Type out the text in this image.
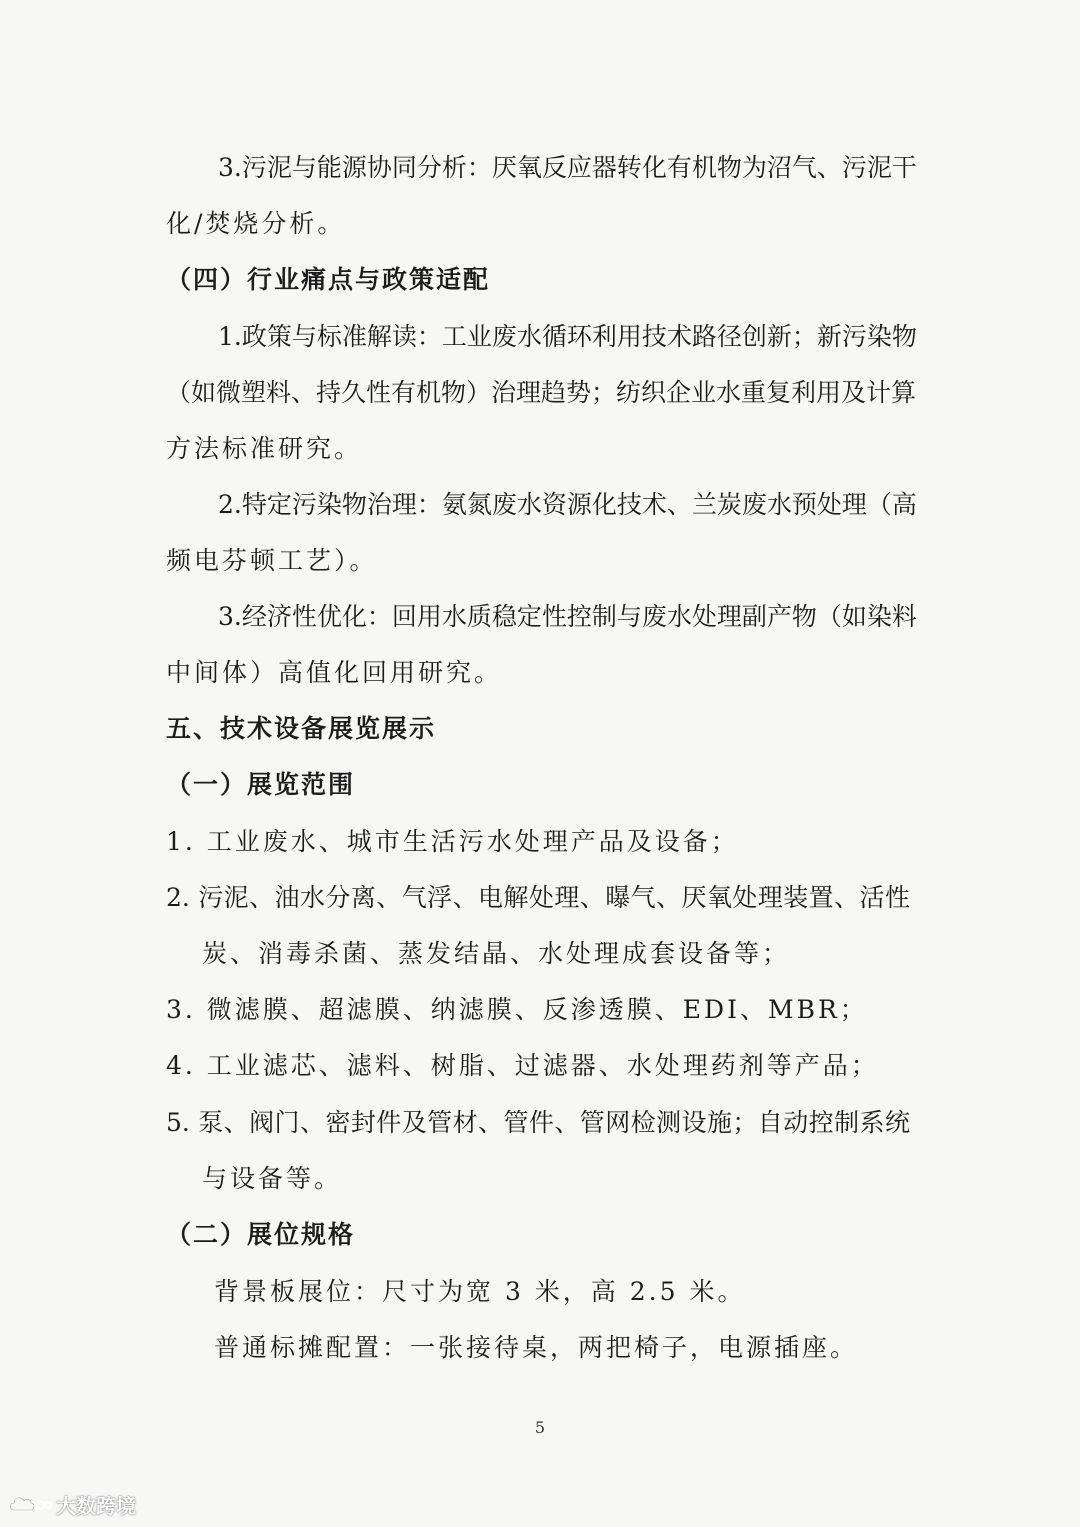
3.污泥与能源协同分析：厌氧反应器转化有机物为沼气、污泥干
化/焚烧分析。
（四）行业痛点与政策适配
1.政策与标准解读：工业废水循环利用技术路径创新；新污染物
（如微塑料、持久性有机物）治理趋势；纺织企业水重复利用及计算
方法标准研究。
2.特定污染物治理：氨氮废水资源化技术、兰炭废水预处理（高
频电芬顿工艺）。
3.经济性优化：回用水质稳定性控制与废水处理副产物（如染料
中间体）高值化回用研究。
五、技术设备展览展示
（一）展览范围
1. 工业废水、城市生活污水处理产品及设备；
2. 污泥、油水分离、气浮、电解处理、曝气、厌氧处理装置、活性
炭、消毒杀菌、蒸发结晶、水处理成套设备等；
3. 微滤膜、超滤膜、纳滤膜、反渗透膜、EDI、MBR；
4. 工业滤芯、滤料、树脂、过滤器、水处理药剂等产品；
5. 泵、阀门、密封件及管材、管件、管网检测设施；自动控制系统
与设备等。
（二）展位规格
背景板展位：尺寸为宽 3 米，高 2.5 米。
普通标摊配置：一张接待桌，两把椅子，电源插座。
5
大数跨境
